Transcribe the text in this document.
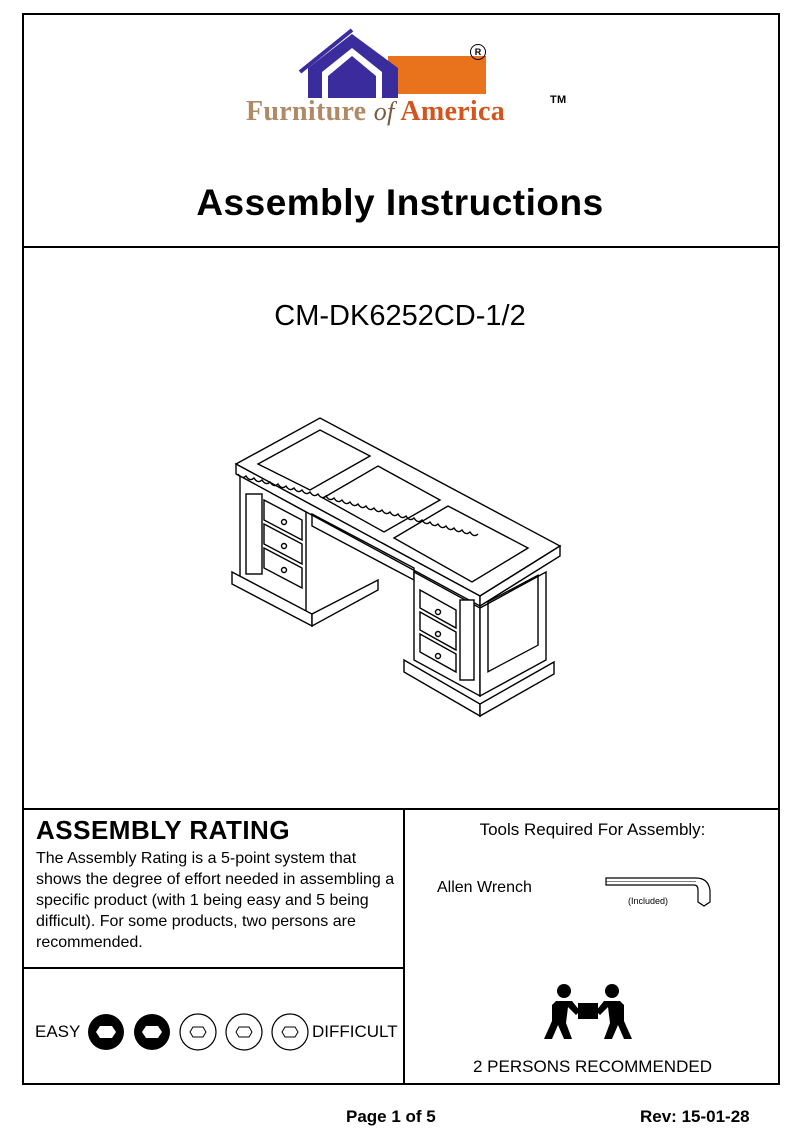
R
Furniture of America	TM
Assembly Instructions
CM-DK6252CD-1/2
ASSEMBLY RATING
The Assembly Rating is a 5-point system that shows the degree of effort needed in assembling a specific product (with 1 being easy and 5 being difficult). For some products, two persons are recommended.
EASY	DIFFICULT
Tools Required For Assembly:
Allen Wrench
(Included)
2 PERSONS RECOMMENDED
Page 1 of 5	Rev: 15-01-28
